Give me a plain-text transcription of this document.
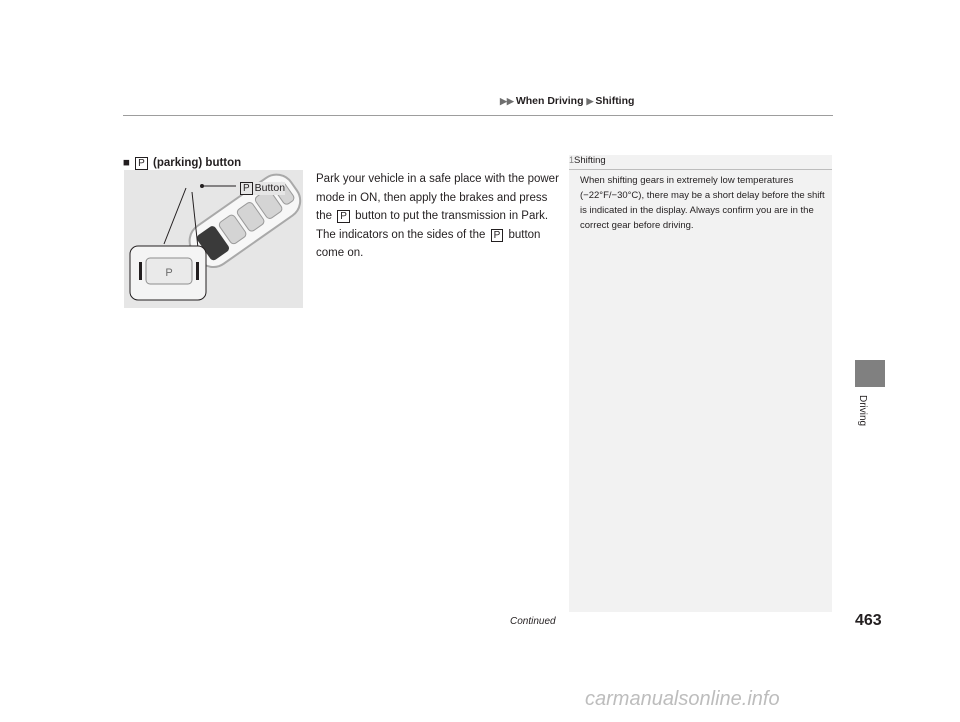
▶▶ When Driving ▶ Shifting
Driving
■ P (parking) button
P
P Button

Park your vehicle in a safe place with the power mode in ON, then apply the brakes and press the P button to put the transmission in Park.

The indicators on the sides of the P button come on.

1Shifting
When shifting gears in extremely low temperatures (−22°F/−30°C), there may be a short delay before the shift is indicated in the display. Always confirm you are in the correct gear before driving.
Continued	463
carmanualsonline.info
